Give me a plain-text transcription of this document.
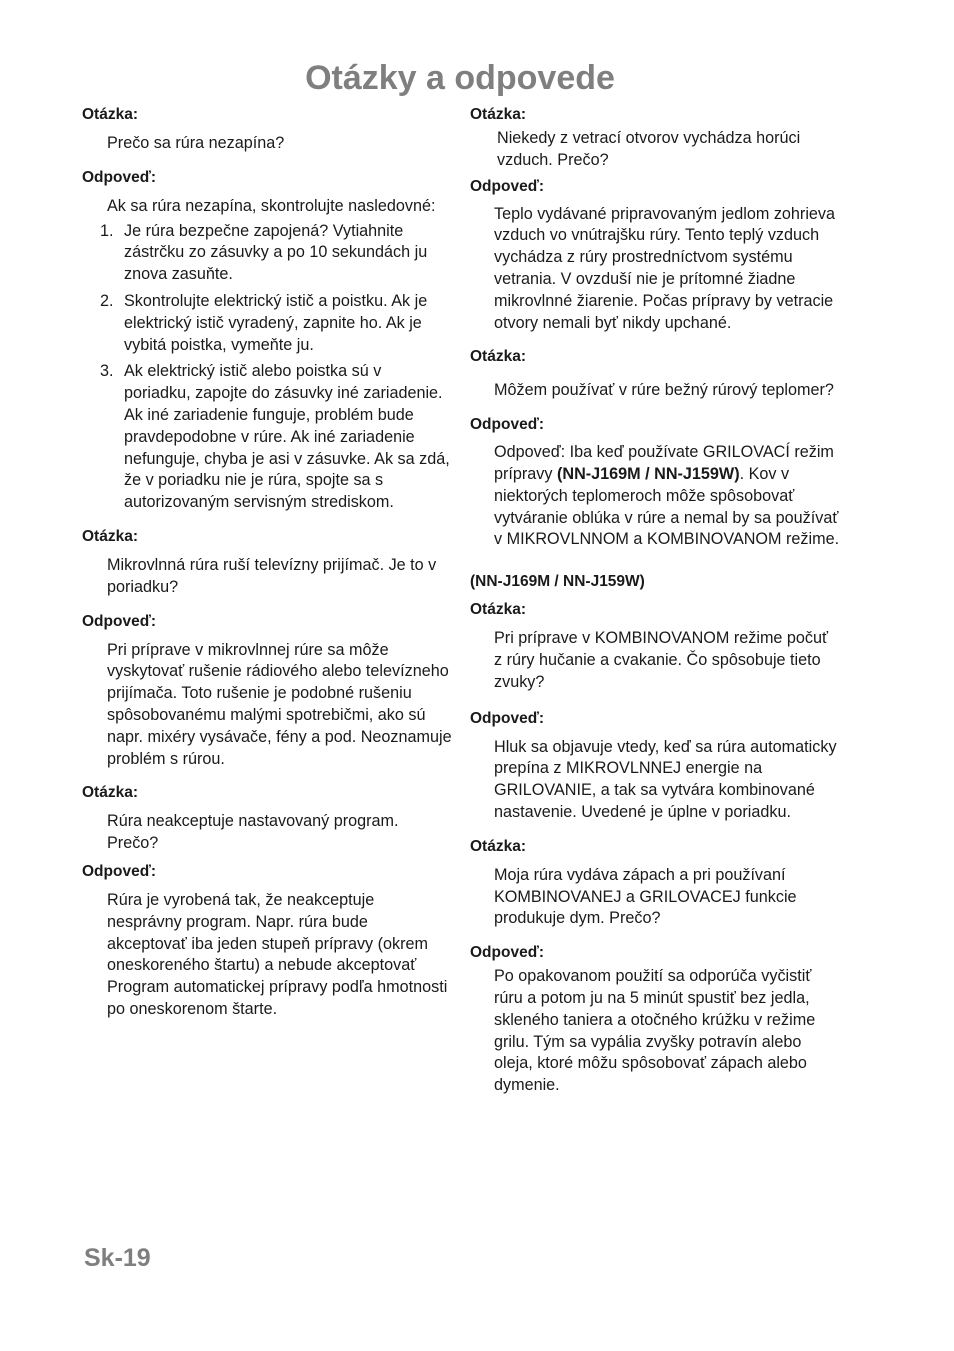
Otázky a odpovede

Otázka:

Prečo sa rúra nezapína?

Odpoveď:

Ak sa rúra nezapína, skontrolujte nasledovné:

1. Je rúra bezpečne zapojená? Vytiahnite zástrčku zo zásuvky a po 10 sekundách ju znova zasuňte.
2. Skontrolujte elektrický istič a poistku. Ak je elektrický istič vyradený, zapnite ho. Ak je vybitá poistka, vymeňte ju.
3. Ak elektrický istič alebo poistka sú v poriadku, zapojte do zásuvky iné zariadenie. Ak iné zariadenie funguje, problém bude pravdepodobne v rúre. Ak iné zariadenie nefunguje, chyba je asi v zásuvke. Ak sa zdá, že v poriadku nie je rúra, spojte sa s autorizovaným servisným strediskom.

Otázka:

Mikrovlnná rúra ruší televízny prijímač. Je to v poriadku?

Odpoveď:

Pri príprave v mikrovlnnej rúre sa môže vyskytovať rušenie rádiového alebo televízneho prijímača. Toto rušenie je podobné rušeniu spôsobovanému malými spotrebičmi, ako sú napr. mixéry vysávače, fény a pod. Neoznamuje problém s rúrou.

Otázka:

Rúra neakceptuje nastavovaný program. Prečo?

Odpoveď:

Rúra je vyrobená tak, že neakceptuje nesprávny program. Napr. rúra bude akceptovať iba jeden stupeň prípravy (okrem oneskoreného štartu) a nebude akceptovať Program automatickej prípravy podľa hmotnosti po oneskorenom štarte.

Otázka:

Niekedy z vetrací otvorov vychádza horúci vzduch. Prečo?

Odpoveď:

Teplo vydávané pripravovaným jedlom zohrieva vzduch vo vnútrajšku rúry. Tento teplý vzduch vychádza z rúry prostredníctvom systému vetrania. V ovzduší nie je prítomné žiadne mikrovlnné žiarenie. Počas prípravy by vetracie otvory nemali byť nikdy upchané.

Otázka:

Môžem používať v rúre bežný rúrový teplomer?

Odpoveď:

Odpoveď: Iba keď používate GRILOVACÍ režim prípravy (NN-J169M / NN-J159W). Kov v niektorých teplomeroch môže spôsobovať vytváranie oblúka v rúre a nemal by sa používať v MIKROVLNNOM a KOMBINOVANOM režime.

(NN-J169M / NN-J159W)

Otázka:

Pri príprave v KOMBINOVANOM režime počuť z rúry hučanie a cvakanie. Čo spôsobuje tieto zvuky?

Odpoveď:

Hluk sa objavuje vtedy, keď sa rúra automaticky prepína z MIKROVLNNEJ energie na GRILOVANIE, a tak sa vytvára kombinované nastavenie. Uvedené je úplne v poriadku.

Otázka:

Moja rúra vydáva zápach a pri používaní KOMBINOVANEJ a GRILOVACEJ funkcie produkuje dym. Prečo?

Odpoveď:

Po opakovanom použití sa odporúča vyčistiť rúru a potom ju na 5 minút spustiť bez jedla, skleného taniera a otočného krúžku v režime grilu. Tým sa vypália zvyšky potravín alebo oleja, ktoré môžu spôsobovať zápach alebo dymenie.

Sk-19
